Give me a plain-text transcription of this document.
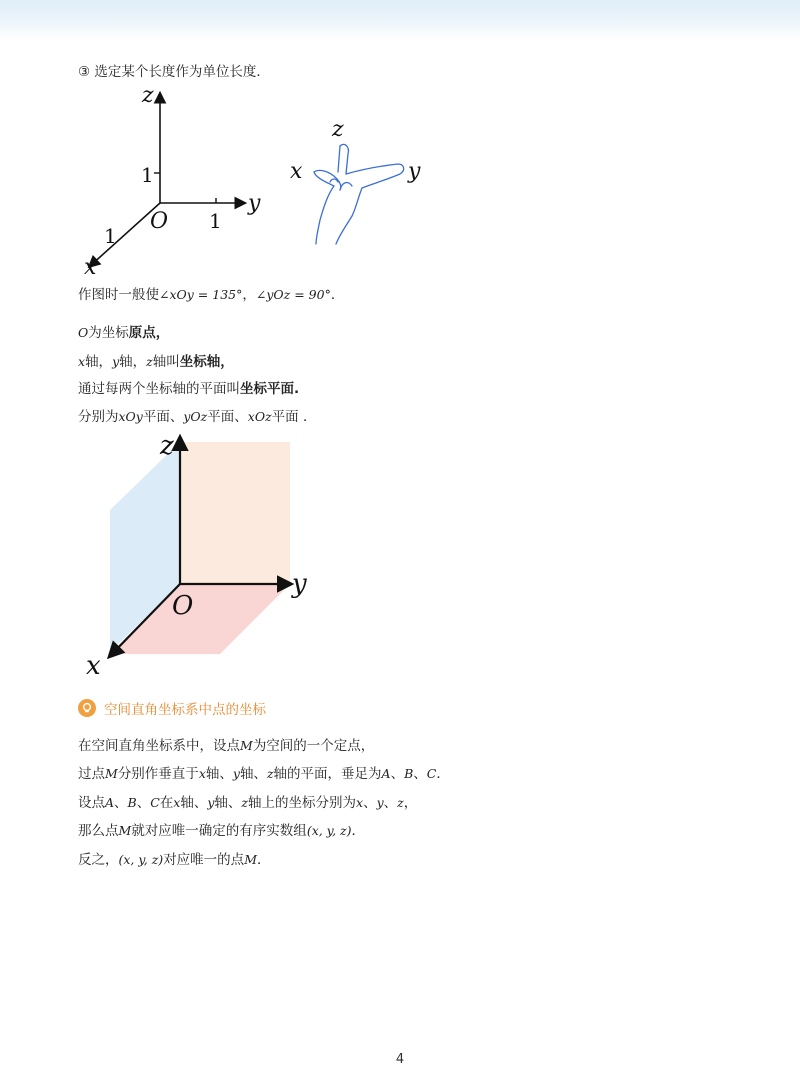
③ 选定某个长度作为单位长度．
z
y
x
O
1
1
1
z
x	y
作图时一般使∠xOy = 135°，∠yOz = 90°．
O为坐标原点，
x轴，y轴，z轴叫坐标轴，
通过每两个坐标轴的平面叫坐标平面.
分别为xOy平面、yOz平面、xOz平面 ．
z
y
x
O
空间直角坐标系中点的坐标
在空间直角坐标系中，设点M为空间的一个定点，
过点M分别作垂直于x轴、y轴、z轴的平面，垂足为A、B、C．
设点A、B、C在x轴、y轴、z轴上的坐标分别为x、y、z，
那么点M就对应唯一确定的有序实数组(x, y, z)．
反之，(x, y, z)对应唯一的点M．
4
